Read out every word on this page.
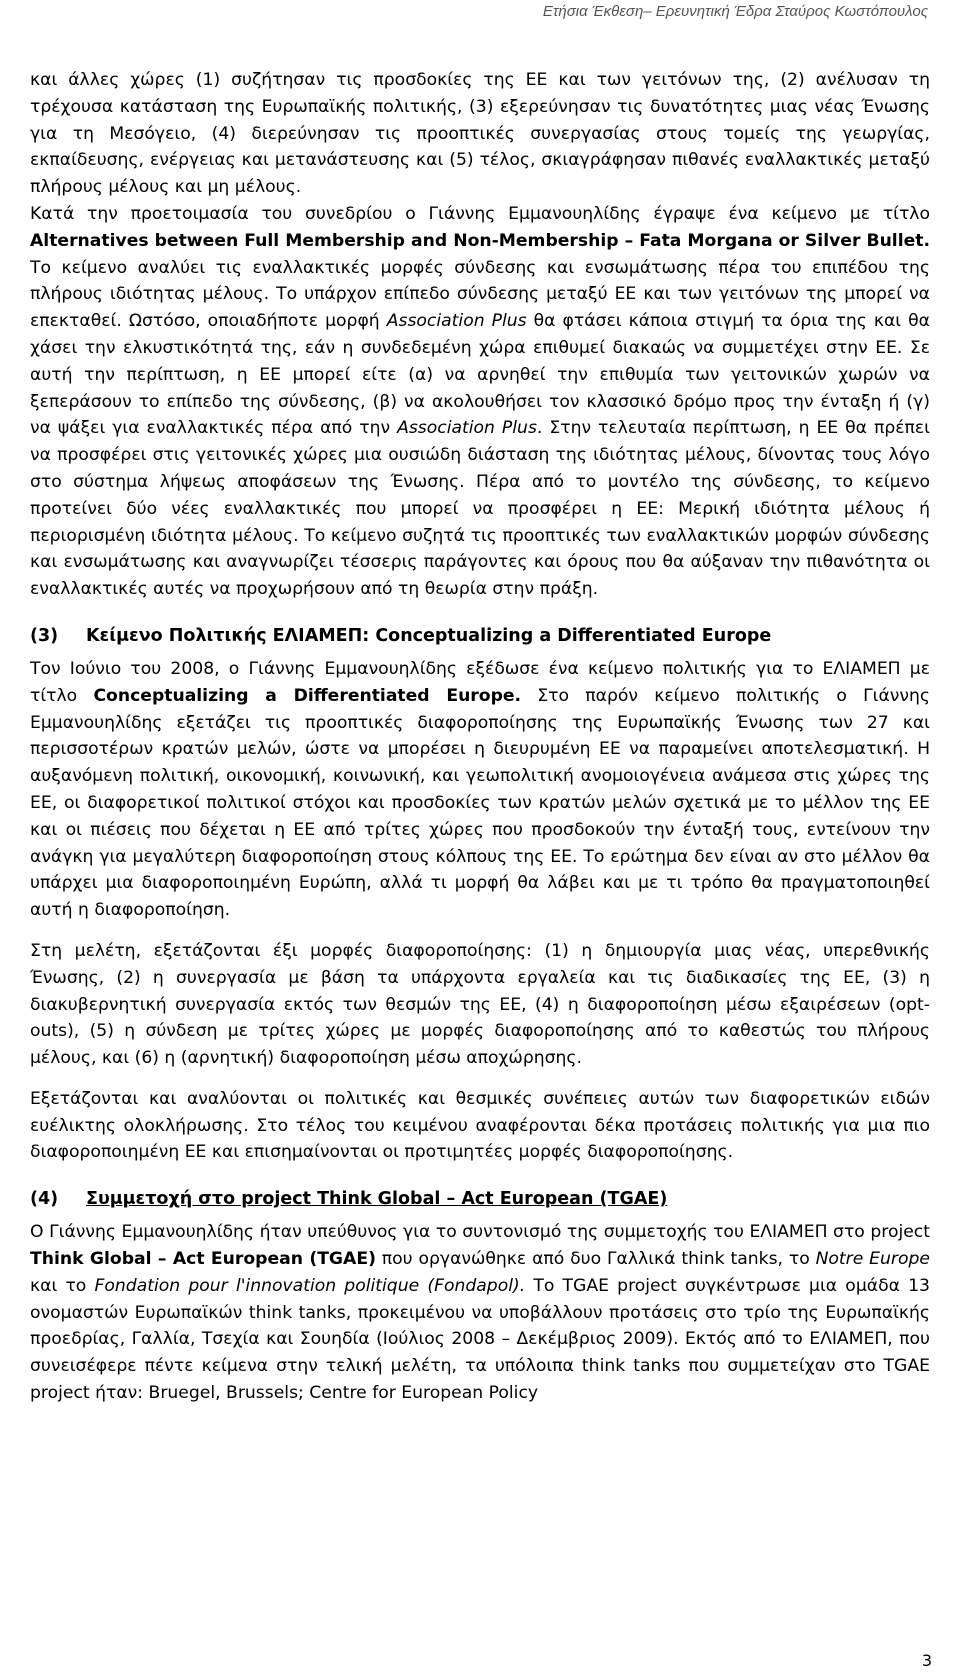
Ετήσια Έκθεση– Ερευνητική Έδρα Σταύρος Κωστόπουλος

και άλλες χώρες (1) συζήτησαν τις προσδοκίες της ΕΕ και των γειτόνων της, (2) ανέλυσαν τη τρέχουσα κατάσταση της Ευρωπαϊκής πολιτικής, (3) εξερεύνησαν τις δυνατότητες μιας νέας Ένωσης για τη Μεσόγειο, (4) διερεύνησαν τις προοπτικές συνεργασίας στους τομείς της γεωργίας, εκπαίδευσης, ενέργειας και μετανάστευσης και (5) τέλος, σκιαγράφησαν πιθανές εναλλακτικές μεταξύ πλήρους μέλους και μη μέλους.

Κατά την προετοιμασία του συνεδρίου ο Γιάννης Εμμανουηλίδης έγραψε ένα κείμενο με τίτλο Alternatives between Full Membership and Non-Membership – Fata Morgana or Silver Bullet. Το κείμενο αναλύει τις εναλλακτικές μορφές σύνδεσης και ενσωμάτωσης πέρα του επιπέδου της πλήρους ιδιότητας μέλους. Το υπάρχον επίπεδο σύνδεσης μεταξύ ΕΕ και των γειτόνων της μπορεί να επεκταθεί. Ωστόσο, οποιαδήποτε μορφή Association Plus θα φτάσει κάποια στιγμή τα όρια της και θα χάσει την ελκυστικότητά της, εάν η συνδεδεμένη χώρα επιθυμεί διακαώς να συμμετέχει στην ΕΕ. Σε αυτή την περίπτωση, η ΕΕ μπορεί είτε (α) να αρνηθεί την επιθυμία των γειτονικών χωρών να ξεπεράσουν το επίπεδο της σύνδεσης, (β) να ακολουθήσει τον κλασσικό δρόμο προς την ένταξη ή (γ) να ψάξει για εναλλακτικές πέρα από την Association Plus. Στην τελευταία περίπτωση, η ΕΕ θα πρέπει να προσφέρει στις γειτονικές χώρες μια ουσιώδη διάσταση της ιδιότητας μέλους, δίνοντας τους λόγο στο σύστημα λήψεως αποφάσεων της Ένωσης. Πέρα από το μοντέλο της σύνδεσης, το κείμενο προτείνει δύο νέες εναλλακτικές που μπορεί να προσφέρει η ΕΕ: Μερική ιδιότητα μέλους ή περιορισμένη ιδιότητα μέλους. Το κείμενο συζητά τις προοπτικές των εναλλακτικών μορφών σύνδεσης και ενσωμάτωσης και αναγνωρίζει τέσσερις παράγοντες και όρους που θα αύξαναν την πιθανότητα οι εναλλακτικές αυτές να προχωρήσουν από τη θεωρία στην πράξη.

(3) Κείμενο Πολιτικής ΕΛΙΑΜΕΠ: Conceptualizing a Differentiated Europe

Τον Ιούνιο του 2008, ο Γιάννης Εμμανουηλίδης εξέδωσε ένα κείμενο πολιτικής για το ΕΛΙΑΜΕΠ με τίτλο Conceptualizing a Differentiated Europe. Στο παρόν κείμενο πολιτικής ο Γιάννης Εμμανουηλίδης εξετάζει τις προοπτικές διαφοροποίησης της Ευρωπαϊκής Ένωσης των 27 και περισσοτέρων κρατών μελών, ώστε να μπορέσει η διευρυμένη ΕΕ να παραμείνει αποτελεσματική. Η αυξανόμενη πολιτική, οικονομική, κοινωνική, και γεωπολιτική ανομοιογένεια ανάμεσα στις χώρες της ΕΕ, οι διαφορετικοί πολιτικοί στόχοι και προσδοκίες των κρατών μελών σχετικά με το μέλλον της ΕΕ και οι πιέσεις που δέχεται η ΕΕ από τρίτες χώρες που προσδοκούν την ένταξή τους, εντείνουν την ανάγκη για μεγαλύτερη διαφοροποίηση στους κόλπους της ΕΕ. Το ερώτημα δεν είναι αν στο μέλλον θα υπάρχει μια διαφοροποιημένη Ευρώπη, αλλά τι μορφή θα λάβει και με τι τρόπο θα πραγματοποιηθεί αυτή η διαφοροποίηση.

Στη μελέτη, εξετάζονται έξι μορφές διαφοροποίησης: (1) η δημιουργία μιας νέας, υπερεθνικής Ένωσης, (2) η συνεργασία με βάση τα υπάρχοντα εργαλεία και τις διαδικασίες της ΕΕ, (3) η διακυβερνητική συνεργασία εκτός των θεσμών της ΕΕ, (4) η διαφοροποίηση μέσω εξαιρέσεων (opt-outs), (5) η σύνδεση με τρίτες χώρες με μορφές διαφοροποίησης από το καθεστώς του πλήρους μέλους, και (6) η (αρνητική) διαφοροποίηση μέσω αποχώρησης.

Εξετάζονται και αναλύονται οι πολιτικές και θεσμικές συνέπειες αυτών των διαφορετικών ειδών ευέλικτης ολοκλήρωσης. Στο τέλος του κειμένου αναφέρονται δέκα προτάσεις πολιτικής για μια πιο διαφοροποιημένη ΕΕ και επισημαίνονται οι προτιμητέες μορφές διαφοροποίησης.

(4) Συμμετοχή στο project Think Global – Act European (TGAE)

Ο Γιάννης Εμμανουηλίδης ήταν υπεύθυνος για το συντονισμό της συμμετοχής του ΕΛΙΑΜΕΠ στο project Think Global – Act European (TGAE) που οργανώθηκε από δυο Γαλλικά think tanks, το Notre Europe και το Fondation pour l'innovation politique (Fondapol). Το TGAE project συγκέντρωσε μια ομάδα 13 ονομαστών Ευρωπαϊκών think tanks, προκειμένου να υποβάλλουν προτάσεις στο τρίο της Ευρωπαϊκής προεδρίας, Γαλλία, Τσεχία και Σουηδία (Ιούλιος 2008 – Δεκέμβριος 2009). Εκτός από το ΕΛΙΑΜΕΠ, που συνεισέφερε πέντε κείμενα στην τελική μελέτη, τα υπόλοιπα think tanks που συμμετείχαν στο TGAE project ήταν: Bruegel, Brussels; Centre for European Policy

3
